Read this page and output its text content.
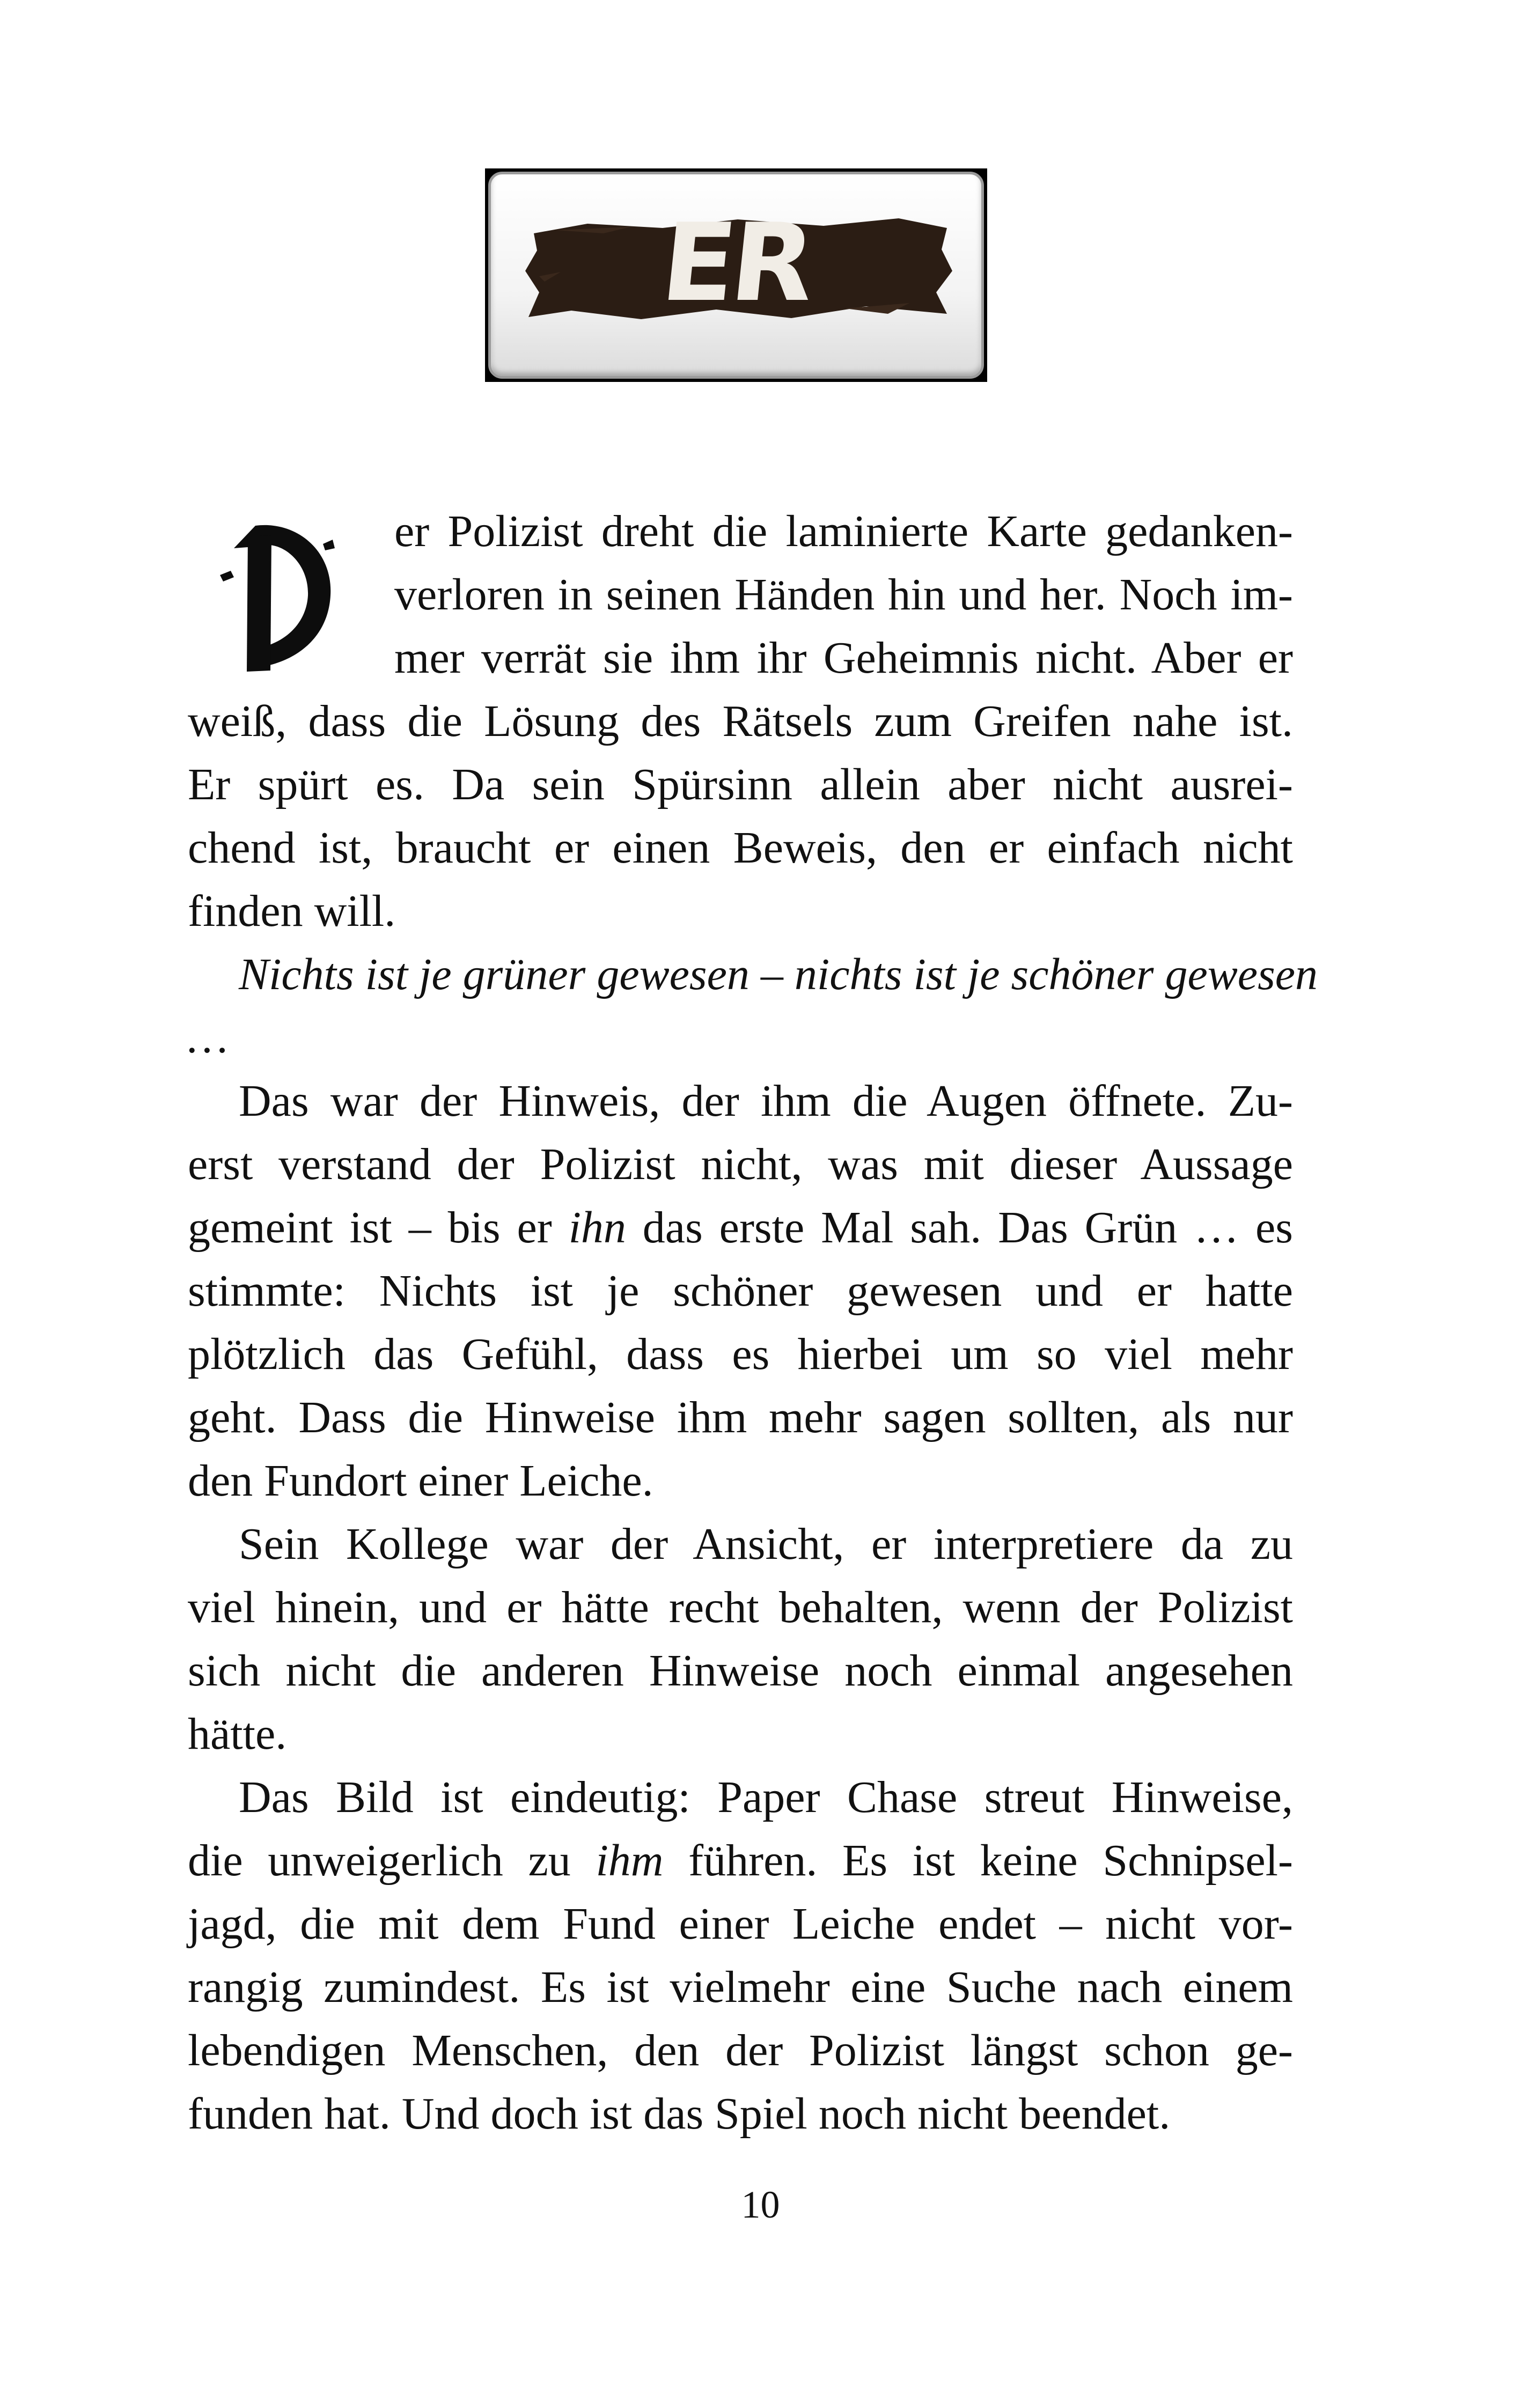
ER
er Polizist dreht die laminierte Karte gedanken-
verloren in seinen Händen hin und her. Noch im-
mer verrät sie ihm ihr Geheimnis nicht. Aber er
weiß, dass die Lösung des Rätsels zum Greifen nahe ist.
Er spürt es. Da sein Spürsinn allein aber nicht ausrei-
chend ist, braucht er einen Beweis, den er einfach nicht
finden will.
Nichts ist je grüner gewesen – nichts ist je schöner gewesen
…
Das war der Hinweis, der ihm die Augen öffnete. Zu-
erst verstand der Polizist nicht, was mit dieser Aussage
gemeint ist – bis er ihn das erste Mal sah. Das Grün … es
stimmte: Nichts ist je schöner gewesen und er hatte
plötzlich das Gefühl, dass es hierbei um so viel mehr
geht. Dass die Hinweise ihm mehr sagen sollten, als nur
den Fundort einer Leiche.
Sein Kollege war der Ansicht, er interpretiere da zu
viel hinein, und er hätte recht behalten, wenn der Polizist
sich nicht die anderen Hinweise noch einmal angesehen
hätte.
Das Bild ist eindeutig: Paper Chase streut Hinweise,
die unweigerlich zu ihm führen. Es ist keine Schnipsel-
jagd, die mit dem Fund einer Leiche endet – nicht vor-
rangig zumindest. Es ist vielmehr eine Suche nach einem
lebendigen Menschen, den der Polizist längst schon ge-
funden hat. Und doch ist das Spiel noch nicht beendet.
10
